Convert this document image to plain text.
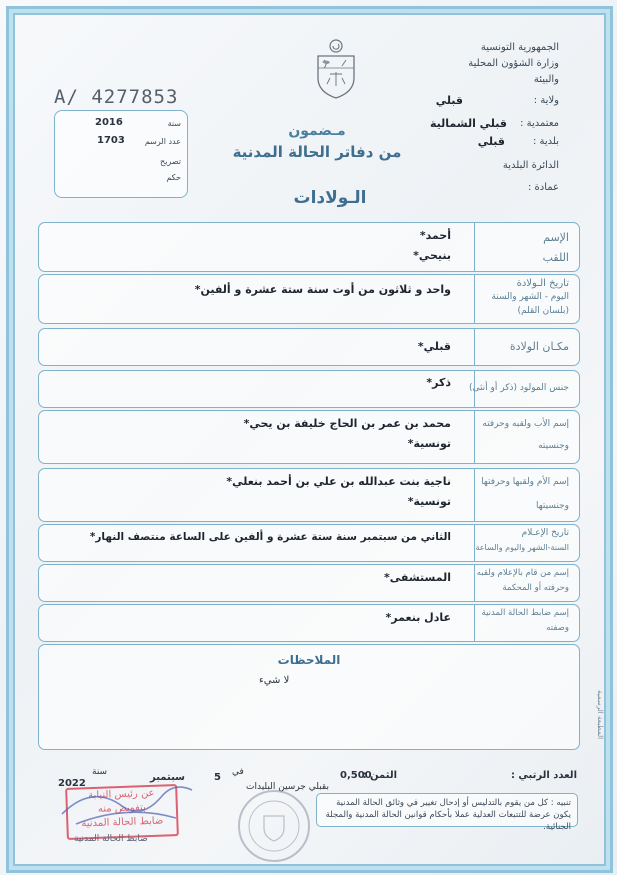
الجمهورية التونسية
وزارة الشؤون المحلية
والبيئة
ولاية :
قبلي
معتمدية :
قبلي الشمالية
بلدية :
قبلي
الدائرة البلدية
عمادة :
A/ 4277853
2016	سنة
1703 عدد الرسم
تصريح
حكم
مـضمون
من دفاتر الحالة المدنية
الـولادات
الإسم
اللقب
أحمد*
بنيحي*
تاريخ الـولادة
اليوم - الشهر والسنة
(بلسان القلم)
واحد و ثلاثون من أوت سنة ستة عشرة و ألفين*
مكـان الولادة
قبلي*
جنس المولود (ذكر أو أنثى)
ذكر*
إسم الأب ولقبه وحرفته
وجنسيته
محمد بن عمر بن الحاج خليفة بن يحي*
تونسية*
إسم الأم ولقبها وحرفتها
وجنسيتها
ناجية بنت عبدالله بن علي بن أحمد بنعلي*
تونسية*
تاريخ الإعـلام
السنة-الشهر واليوم والساعة
الثاني من سبتمبر سنة ستة عشرة و ألفين على الساعة منتصف النهار*
إسم من قام بالإعلام ولقبه
وحرفته أو المحكمة
المستشفى*
إسم ضابط الحالة المدنية
وصفته
عادل بنعمر*
الملاحظات
لا شيء
العدد الرتبي :
الثمن :
0,500
بقبلي جرسين البليدات
في
5
سبتمبر
سنة
2022
تنبيه : كل من يقوم بالتدليس أو إدحال تغيير في وثائق الحالة المدنية يكون عرضة للتتبعات العدلية عملا بأحكام قوانين الحالة المدنية والمجلة الجنائية.
عن رئيس النيابة
بتفويض منه
ضابط الحالة المدنية
ضابط الحالة المدنية
المطبعة الرسمية
